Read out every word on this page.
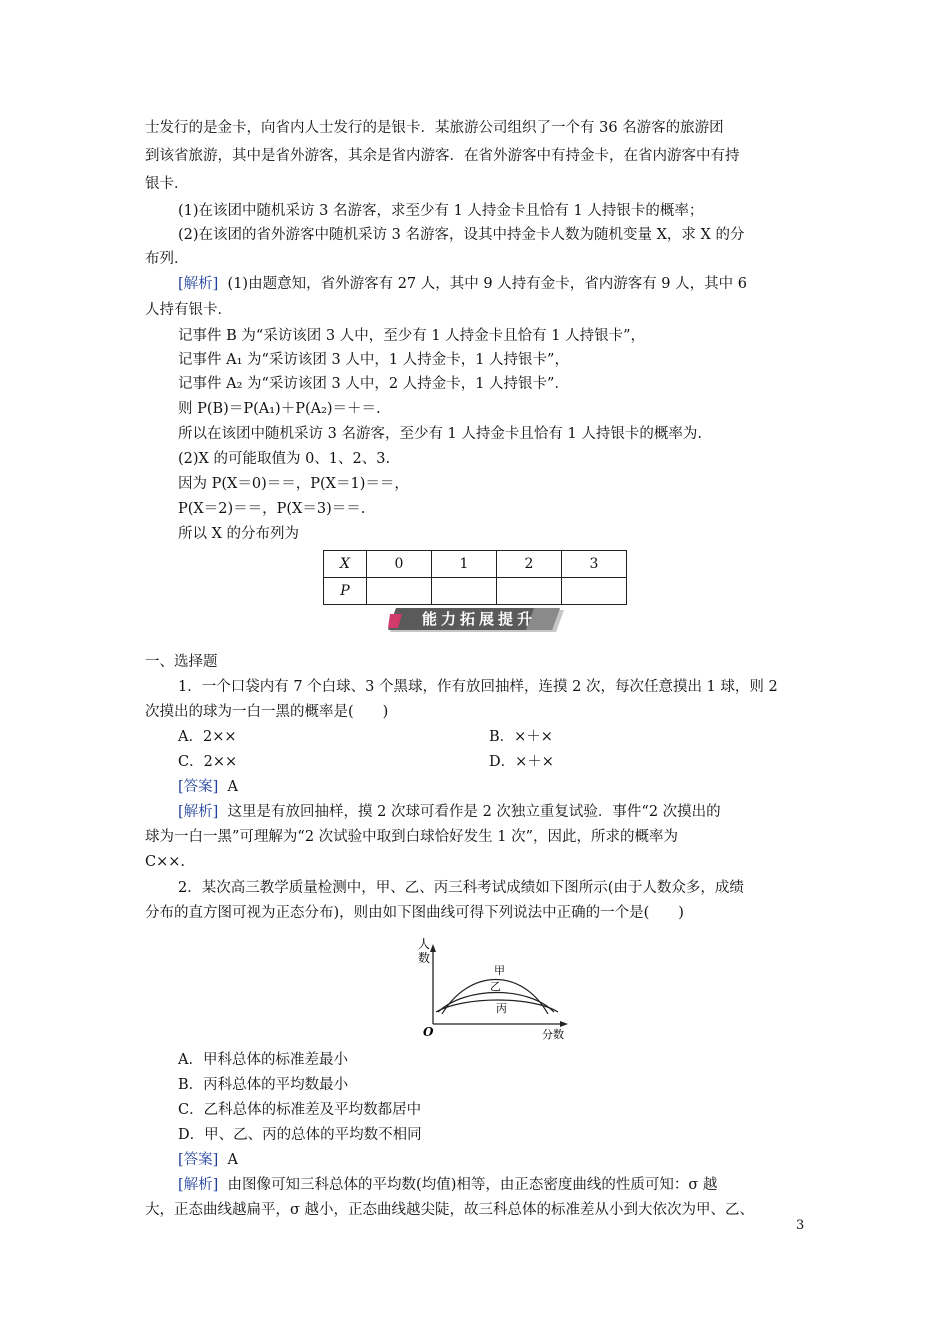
士发行的是金卡，向省内人士发行的是银卡．某旅游公司组织了一个有 36 名游客的旅游团
到该省旅游，其中是省外游客，其余是省内游客．在省外游客中有持金卡，在省内游客中有持
银卡．
(1)在该团中随机采访 3 名游客，求至少有 1 人持金卡且恰有 1 人持银卡的概率；
(2)在该团的省外游客中随机采访 3 名游客，设其中持金卡人数为随机变量 X，求 X 的分
布列．
[解析] (1)由题意知，省外游客有 27 人，其中 9 人持有金卡，省内游客有 9 人，其中 6
人持有银卡．
记事件 B 为“采访该团 3 人中，至少有 1 人持金卡且恰有 1 人持银卡”，
记事件 A₁ 为“采访该团 3 人中，1 人持金卡，1 人持银卡”，
记事件 A₂ 为“采访该团 3 人中，2 人持金卡，1 人持银卡”．
则 P(B)＝P(A₁)＋P(A₂)＝＋＝.
所以在该团中随机采访 3 名游客，至少有 1 人持金卡且恰有 1 人持银卡的概率为.
(2)X 的可能取值为 0、1、2、3.
因为 P(X＝0)＝＝，P(X＝1)＝＝，
P(X＝2)＝＝，P(X＝3)＝＝.
所以 X 的分布列为
X	0	1	2	3
P				
能力拓展提升
一、选择题
1．一个口袋内有 7 个白球、3 个黑球，作有放回抽样，连摸 2 次，每次任意摸出 1 球，则 2
次摸出的球为一白一黑的概率是(　　)
A．2××	B．×＋×
C．2××	D．×＋×
[答案] A
[解析] 这里是有放回抽样，摸 2 次球可看作是 2 次独立重复试验．事件“2 次摸出的
球为一白一黑”可理解为“2 次试验中取到白球恰好发生 1 次”，因此，所求的概率为
C××.
2．某次高三教学质量检测中，甲、乙、丙三科考试成绩如下图所示(由于人数众多，成绩
分布的直方图可视为正态分布)，则由如下图曲线可得下列说法中正确的一个是(　　)
人
数
O	分数
甲
乙
丙
A．甲科总体的标准差最小
B．丙科总体的平均数最小
C．乙科总体的标准差及平均数都居中
D．甲、乙、丙的总体的平均数不相同
[答案] A
[解析] 由图像可知三科总体的平均数(均值)相等，由正态密度曲线的性质可知：σ 越
大，正态曲线越扁平，σ 越小，正态曲线越尖陡，故三科总体的标准差从小到大依次为甲、乙、
3
